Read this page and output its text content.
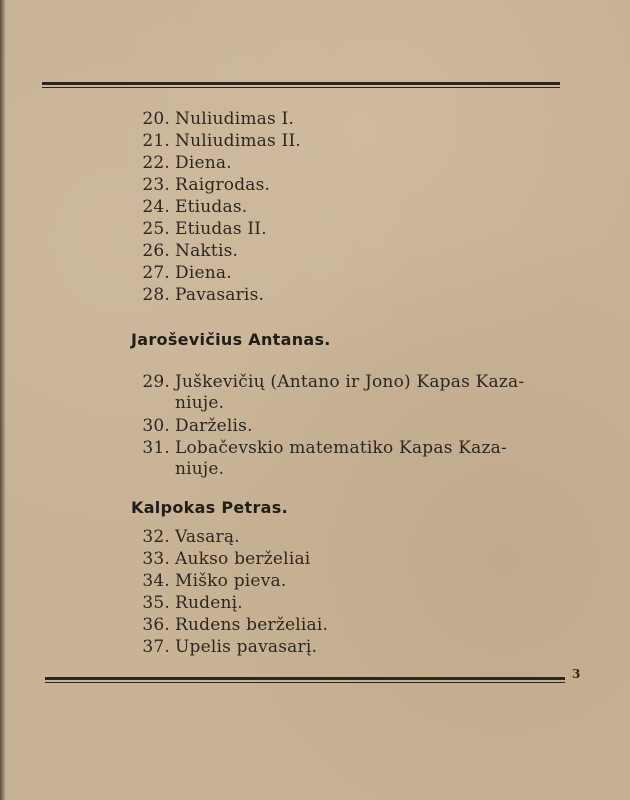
20. Nuliudimas I.
21. Nuliudimas II.
22. Diena.
23. Raigrodas.
24. Etiudas.
25. Etiudas II.
26. Naktis.
27. Diena.
28. Pavasaris.
Jaroševičius Antanas.
29. Juškevičių (Antano ir Jono) Kapas Kaza-
niuje.
30. Darželis.
31. Lobačevskio matematiko Kapas Kaza-
niuje.
Kalpokas Petras.
32. Vasarą.
33. Aukso berželiai
34. Miško pieva.
35. Rudenį.
36. Rudens berželiai.
37. Upelis pavasarį.
3
